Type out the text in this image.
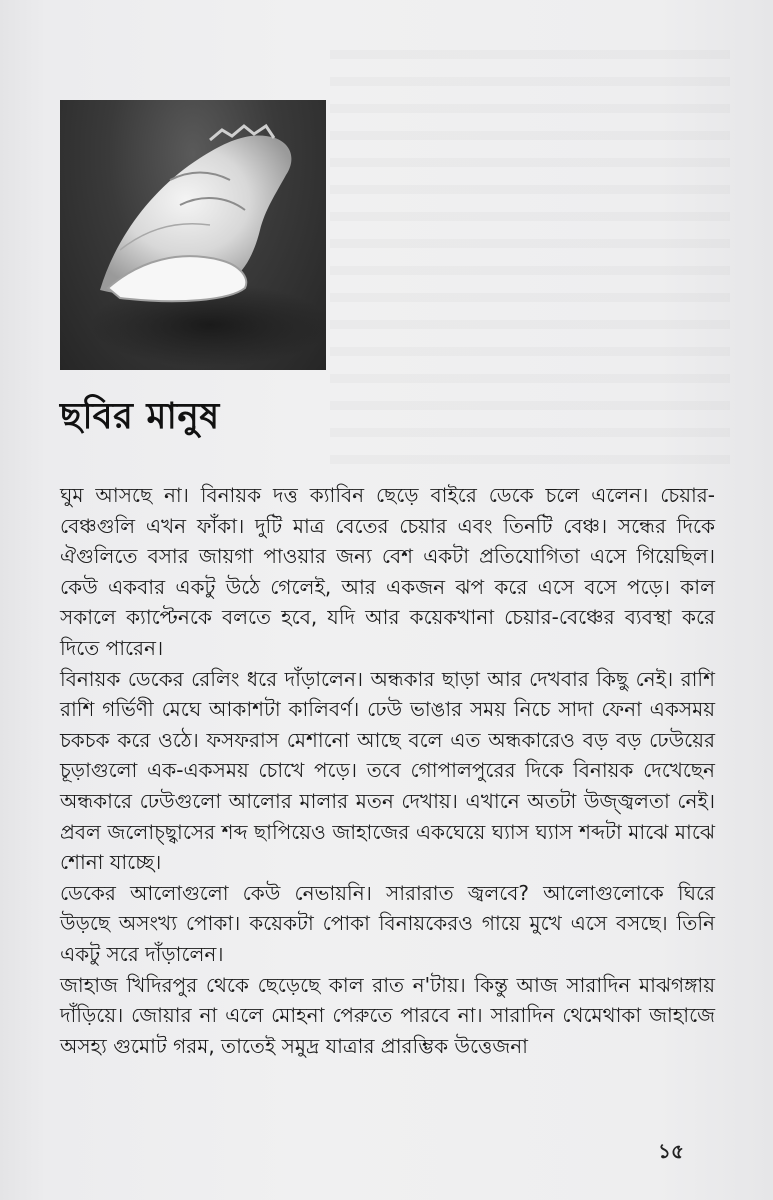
ছবির মানুষ

ঘুম আসছে না। বিনায়ক দত্ত ক্যাবিন ছেড়ে বাইরে ডেকে চলে এলেন। চেয়ার-বেঞ্চগুলি এখন ফাঁকা। দুটি মাত্র বেতের চেয়ার এবং তিনটি বেঞ্চ। সন্ধের দিকে ঐগুলিতে বসার জায়গা পাওয়ার জন্য বেশ একটা প্রতিযোগিতা এসে গিয়েছিল। কেউ একবার একটু উঠে গেলেই, আর একজন ঝপ করে এসে বসে পড়ে। কাল সকালে ক্যাপ্টেনকে বলতে হবে, যদি আর কয়েকখানা চেয়ার-বেঞ্চের ব্যবস্থা করে দিতে পারেন।

বিনায়ক ডেকের রেলিং ধরে দাঁড়ালেন। অন্ধকার ছাড়া আর দেখবার কিছু নেই। রাশি রাশি গর্ভিণী মেঘে আকাশটা কালিবর্ণ। ঢেউ ভাঙার সময় নিচে সাদা ফেনা একসময় চকচক করে ওঠে। ফসফরাস মেশানো আছে বলে এত অন্ধকারেও বড় বড় ঢেউয়ের চূড়াগুলো এক-একসময় চোখে পড়ে। তবে গোপালপুরের দিকে বিনায়ক দেখেছেন অন্ধকারে ঢেউগুলো আলোর মালার মতন দেখায়। এখানে অতটা উজ্জ্বলতা নেই। প্রবল জলোচ্ছ্বাসের শব্দ ছাপিয়েও জাহাজের একঘেয়ে ঘ্যাস ঘ্যাস শব্দটা মাঝে মাঝে শোনা যাচ্ছে।

ডেকের আলোগুলো কেউ নেভায়নি। সারারাত জ্বলবে? আলোগুলোকে ঘিরে উড়ছে অসংখ্য পোকা। কয়েকটা পোকা বিনায়কেরও গায়ে মুখে এসে বসছে। তিনি একটু সরে দাঁড়ালেন।

জাহাজ খিদিরপুর থেকে ছেড়েছে কাল রাত ন'টায়। কিন্তু আজ সারাদিন মাঝগঙ্গায় দাঁড়িয়ে। জোয়ার না এলে মোহনা পেরুতে পারবে না। সারাদিন থেমেথাকা জাহাজে অসহ্য গুমোট গরম, তাতেই সমুদ্র যাত্রার প্রারম্ভিক উত্তেজনা

১৫
